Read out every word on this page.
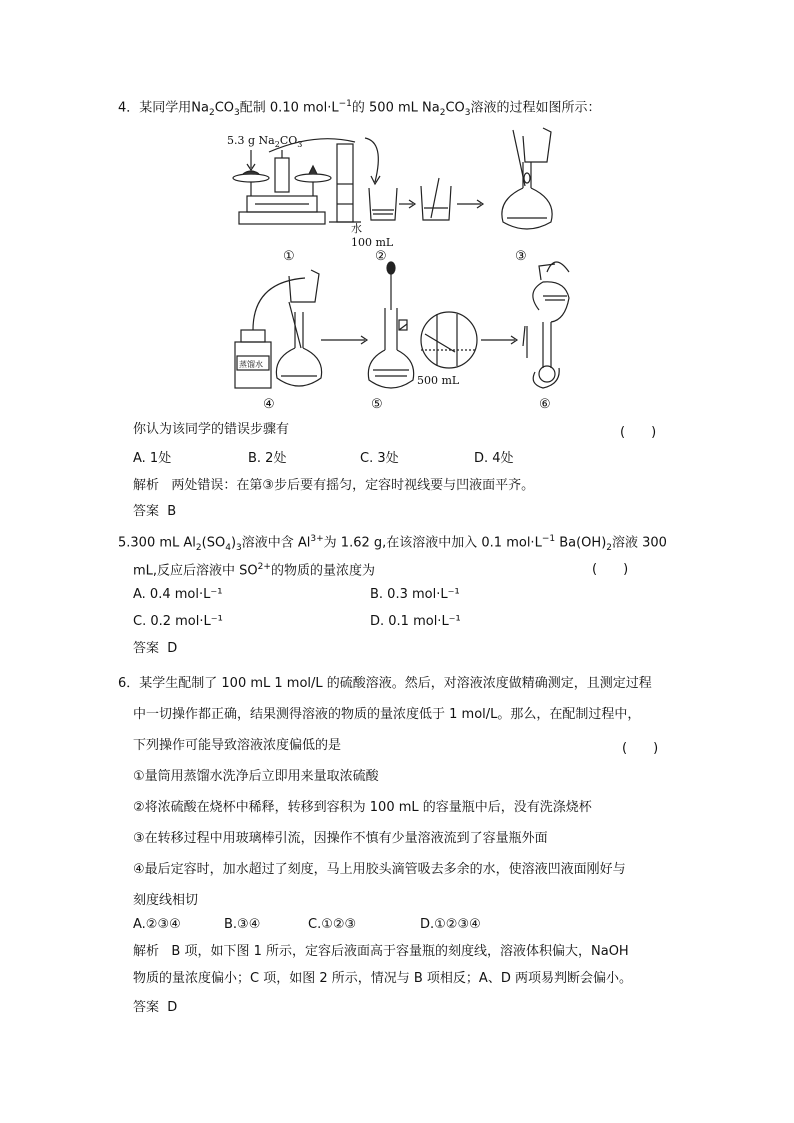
4．某同学用$Na_2CO_3$配制 0.10 $mol\cdot L^{-1}$的 500 mL $Na_2CO_3$溶液的过程如图所示：
5.3 g $Na_2CO_3$
水
100 mL
①	②	③
蒸馏水
500 mL
⑤
④	⑥
你认为该同学的错误步骤有	(　　)
A. 1处	B. 2处	C. 3处	D. 4处
解析 两处错误：在第③步后要有摇匀，定容时视线要与凹液面平齐。
答案 B
5.300 mL $Al_2(SO_4)_3$溶液中含 $Al^{3+}$为 1.62 g,在该溶液中加入 0.1 $mol\cdot L^{-1}$ $Ba(OH)_2$溶液 300
mL,反应后溶液中 $SO^{2+}$的物质的量浓度为	(　　)
A. 0.4 mol·L⁻¹	B. 0.3 mol·L⁻¹
C. 0.2 mol·L⁻¹	D. 0.1 mol·L⁻¹
答案 D
6．某学生配制了 100 mL 1 mol/L 的硫酸溶液。然后，对溶液浓度做精确测定，且测定过程
中一切操作都正确，结果测得溶液的物质的量浓度低于 1 mol/L。那么，在配制过程中，
下列操作可能导致溶液浓度偏低的是	(　　)
①量筒用蒸馏水洗净后立即用来量取浓硫酸
②将浓硫酸在烧杯中稀释，转移到容积为 100 mL 的容量瓶中后，没有洗涤烧杯
③在转移过程中用玻璃棒引流，因操作不慎有少量溶液流到了容量瓶外面
④最后定容时，加水超过了刻度，马上用胶头滴管吸去多余的水，使溶液凹液面刚好与
刻度线相切
A.②③④	B.③④	C.①②③	D.①②③④
解析 B 项，如下图 1 所示，定容后液面高于容量瓶的刻度线，溶液体积偏大，NaOH
物质的量浓度偏小；C 项，如图 2 所示，情况与 B 项相反；A、D 两项易判断会偏小。
答案 D
